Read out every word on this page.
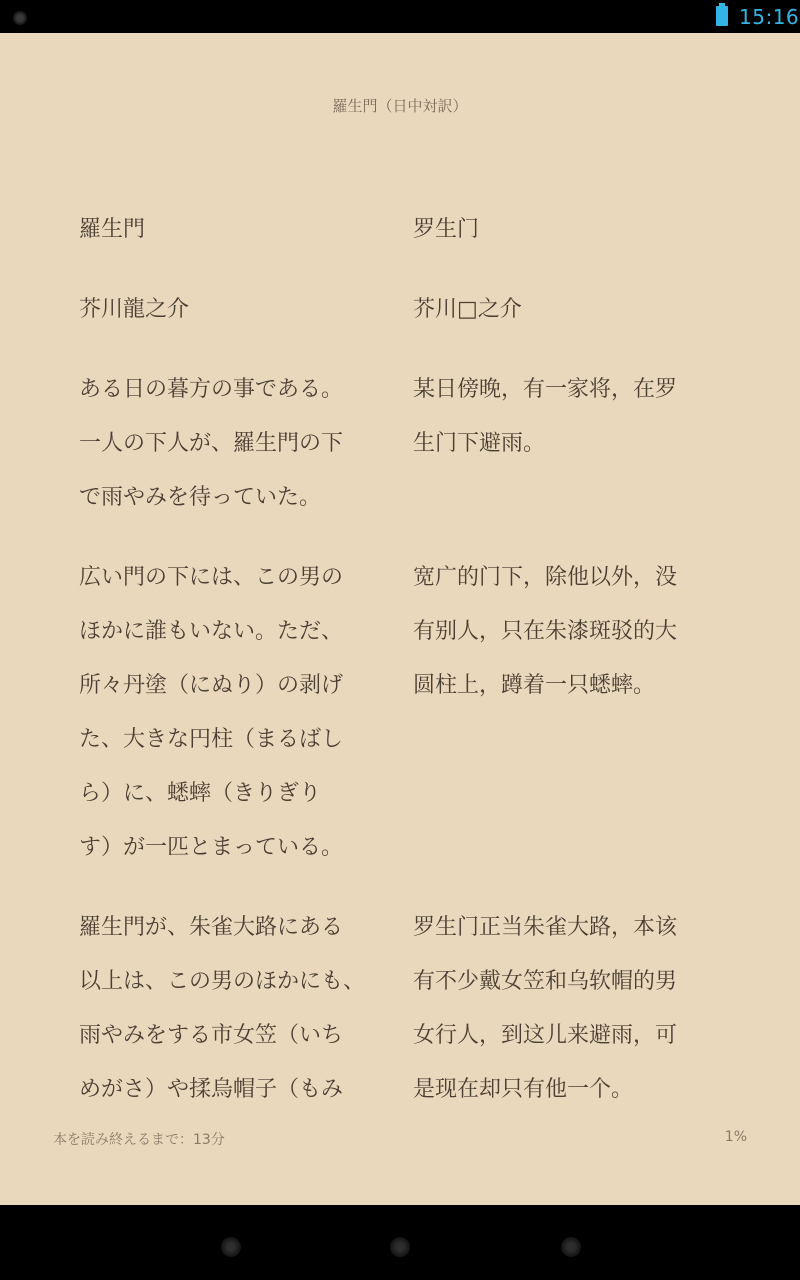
15:16
羅生門（日中対訳）
羅生門
芥川龍之介
ある日の暮方の事である。
一人の下人が、羅生門の下
で雨やみを待っていた。
広い門の下には、この男の
ほかに誰もいない。ただ、
所々丹塗（にぬり）の剥げ
た、大きな円柱（まるばし
ら）に、蟋蟀（きりぎり
す）が一匹とまっている。
羅生門が、朱雀大路にある
以上は、この男のほかにも、
雨やみをする市女笠（いち
めがさ）や揉烏帽子（もみ
罗生门
芥川□之介
某日傍晚，有一家将，在罗
生门下避雨。
宽广的门下，除他以外，没
有别人，只在朱漆斑驳的大
圆柱上，蹲着一只蟋蟀。
罗生门正当朱雀大路，本该
有不少戴女笠和乌软帽的男
女行人，到这儿来避雨，可
是现在却只有他一个。
本を読み終えるまで：13分	1%
